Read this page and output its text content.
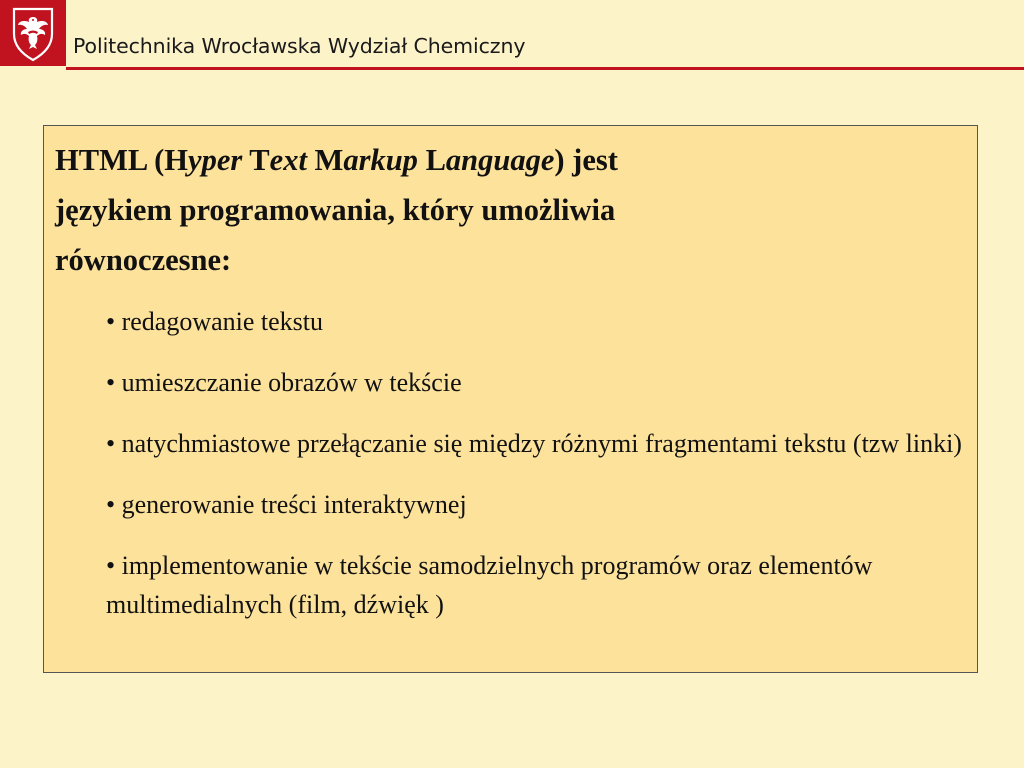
Politechnika Wrocławska Wydział Chemiczny
HTML (Hyper Text Markup Language) jest
językiem programowania, który umożliwia
równoczesne:
• redagowanie tekstu
• umieszczanie obrazów w tekście
• natychmiastowe przełączanie się między różnymi fragmentami tekstu (tzw linki)
• generowanie treści interaktywnej
• implementowanie w tekście samodzielnych programów oraz elementów multimedialnych (film, dźwięk )
